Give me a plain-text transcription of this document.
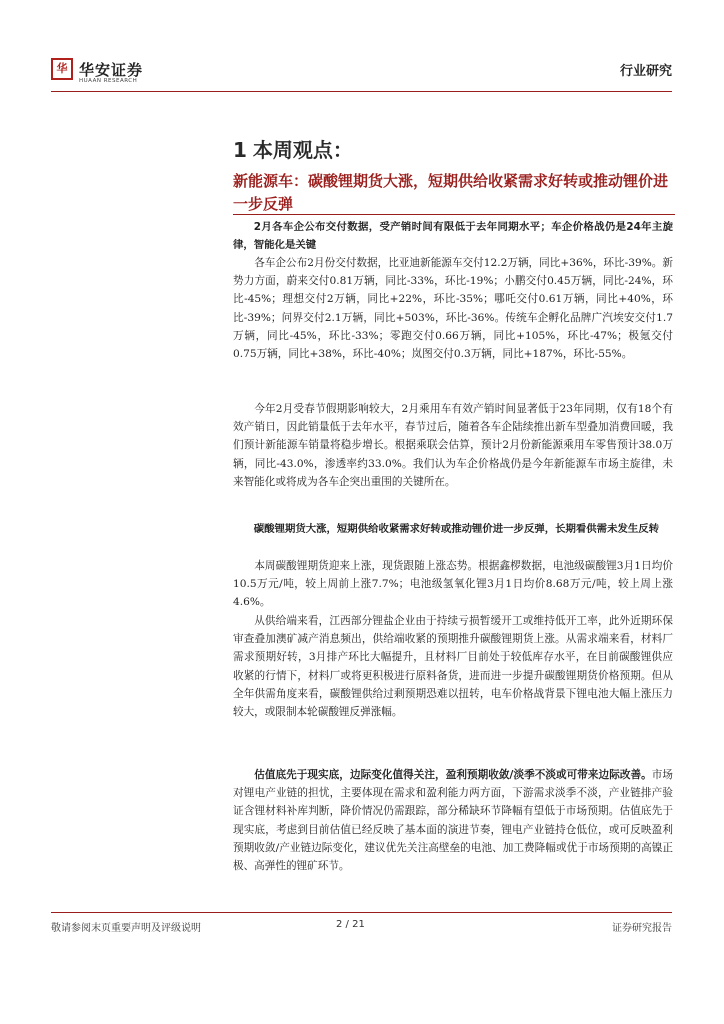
华 华安证券
HUAAN RESEARCH
行业研究
1 本周观点：
新能源车：碳酸锂期货大涨，短期供给收紧需求好转或推动锂价进一步反弹
2月各车企公布交付数据，受产销时间有限低于去年同期水平；车企价格战仍是24年主旋律，智能化是关键
各车企公布2月份交付数据，比亚迪新能源车交付12.2万辆，同比+36%，环比-39%。新势力方面，蔚来交付0.81万辆，同比-33%，环比-19%；小鹏交付0.45万辆，同比-24%，环比-45%；理想交付2万辆，同比+22%，环比-35%；哪吒交付0.61万辆，同比+40%，环比-39%；问界交付2.1万辆，同比+503%，环比-36%。传统车企孵化品牌广汽埃安交付1.7万辆，同比-45%，环比-33%；零跑交付0.66万辆，同比+105%，环比-47%；极氪交付0.75万辆，同比+38%，环比-40%；岚图交付0.3万辆，同比+187%，环比-55%。
今年2月受春节假期影响较大，2月乘用车有效产销时间显著低于23年同期，仅有18个有效产销日，因此销量低于去年水平，春节过后，随着各车企陆续推出新车型叠加消费回暖，我们预计新能源车销量将稳步增长。根据乘联会估算，预计2月份新能源乘用车零售预计38.0万辆，同比-43.0%，渗透率约33.0%。我们认为车企价格战仍是今年新能源车市场主旋律，未来智能化或将成为各车企突出重围的关键所在。
碳酸锂期货大涨，短期供给收紧需求好转或推动锂价进一步反弹，长期看供需未发生反转
本周碳酸锂期货迎来上涨，现货跟随上涨态势。根据鑫椤数据，电池级碳酸锂3月1日均价10.5万元/吨，较上周前上涨7.7%；电池级氢氧化锂3月1日均价8.68万元/吨，较上周上涨4.6%。
从供给端来看，江西部分锂盐企业由于持续亏损暂缓开工或维持低开工率，此外近期环保审查叠加澳矿减产消息频出，供给端收紧的预期推升碳酸锂期货上涨。从需求端来看，材料厂需求预期好转，3月排产环比大幅提升，且材料厂目前处于较低库存水平，在目前碳酸锂供应收紧的行情下，材料厂或将更积极进行原料备货，进而进一步提升碳酸锂期货价格预期。但从全年供需角度来看，碳酸锂供给过剩预期恐难以扭转，电车价格战背景下锂电池大幅上涨压力较大，或限制本轮碳酸锂反弹涨幅。
估值底先于现实底，边际变化值得关注，盈利预期收敛/淡季不淡或可带来边际改善。市场对锂电产业链的担忧，主要体现在需求和盈利能力两方面，下游需求淡季不淡，产业链排产验证含锂材料补库判断，降价情况仍需跟踪，部分稀缺环节降幅有望低于市场预期。估值底先于现实底，考虑到目前估值已经反映了基本面的演进节奏，锂电产业链持仓低位，或可反映盈利预期收敛/产业链边际变化，建议优先关注高壁垒的电池、加工费降幅或优于市场预期的高镍正极、高弹性的锂矿环节。
敬请参阅末页重要声明及评级说明	2 / 21	证券研究报告
